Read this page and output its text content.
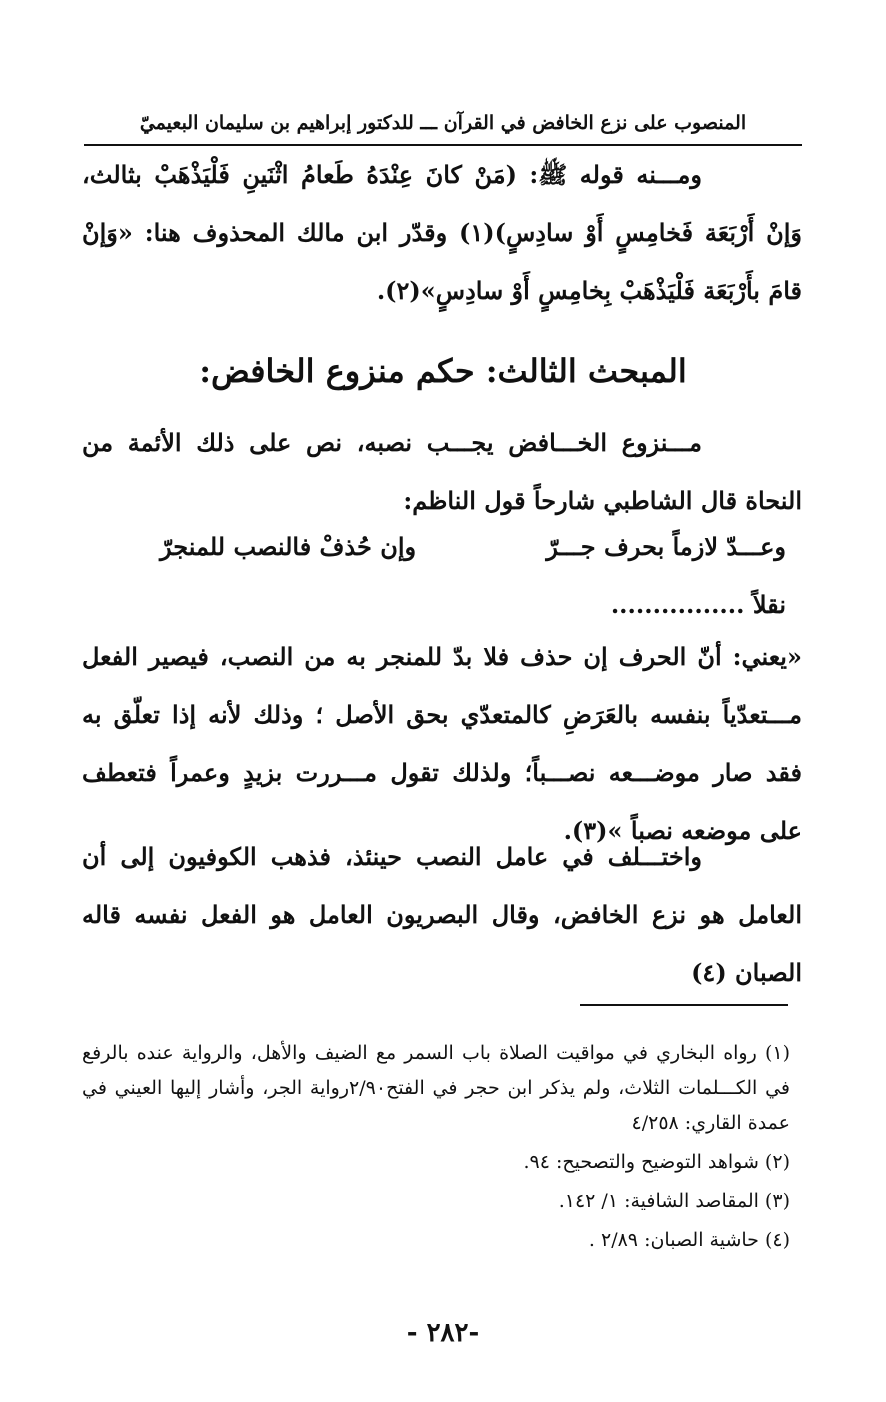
المنصوب على نزع الخافض في القرآن ـــ للدكتور إبراهيم بن سليمان البعيميّ

ومـــنه قوله ﷺ: (مَنْ كانَ عِنْدَهُ طَعامُ اثْنَينِ فَلْيَذْهَبْ بثالث، وَإنْ أَرْبَعَة فَخامِسٍ أَوْ سادِسٍ)(١) وقدّر ابن مالك المحذوف هنا: «وَإنْ قامَ بأَرْبَعَة فَلْيَذْهَبْ بِخامِسٍ أَوْ سادِسٍ»(٢).

المبحث الثالث: حكم منزوع الخافض:

مـــنزوع الخـــافض يجـــب نصبه، نص على ذلك الأئمة من النحاة قال الشاطبي شارحاً قول الناظم:

وعـــدّ لازماً بحرف جـــرّ
وإن حُذفْ فالنصب للمنجرّ
نقلاً ................

«يعني: أنّ الحرف إن حذف فلا بدّ للمنجر به من النصب، فيصير الفعل مـــتعدّياً بنفسه بالعَرَضِ كالمتعدّي بحق الأصل ؛ وذلك لأنه إذا تعلّق به فقد صار موضـــعه نصـــباً؛ ولذلك تقول مـــررت بزيدٍ وعمراً فتعطف على موضعه نصباً »(٣).

واختـــلف في عامل النصب حينئذ، فذهب الكوفيون إلى أن العامل هو نزع الخافض، وقال البصريون العامل هو الفعل نفسه قاله الصبان (٤)

(١) رواه البخاري في مواقيت الصلاة باب السمر مع الضيف والأهل، والرواية عنده بالرفع في الكـــلمات الثلاث، ولم يذكر ابن حجر في الفتح٢/٩٠رواية الجر، وأشار إليها العيني في عمدة القاري: ٤/٢٥٨

(٢) شواهد التوضيح والتصحيح: ٩٤.

(٣) المقاصد الشافية: ١/ ١٤٢.

(٤) حاشية الصبان: ٢/٨٩ .

-٢٨٢ -
